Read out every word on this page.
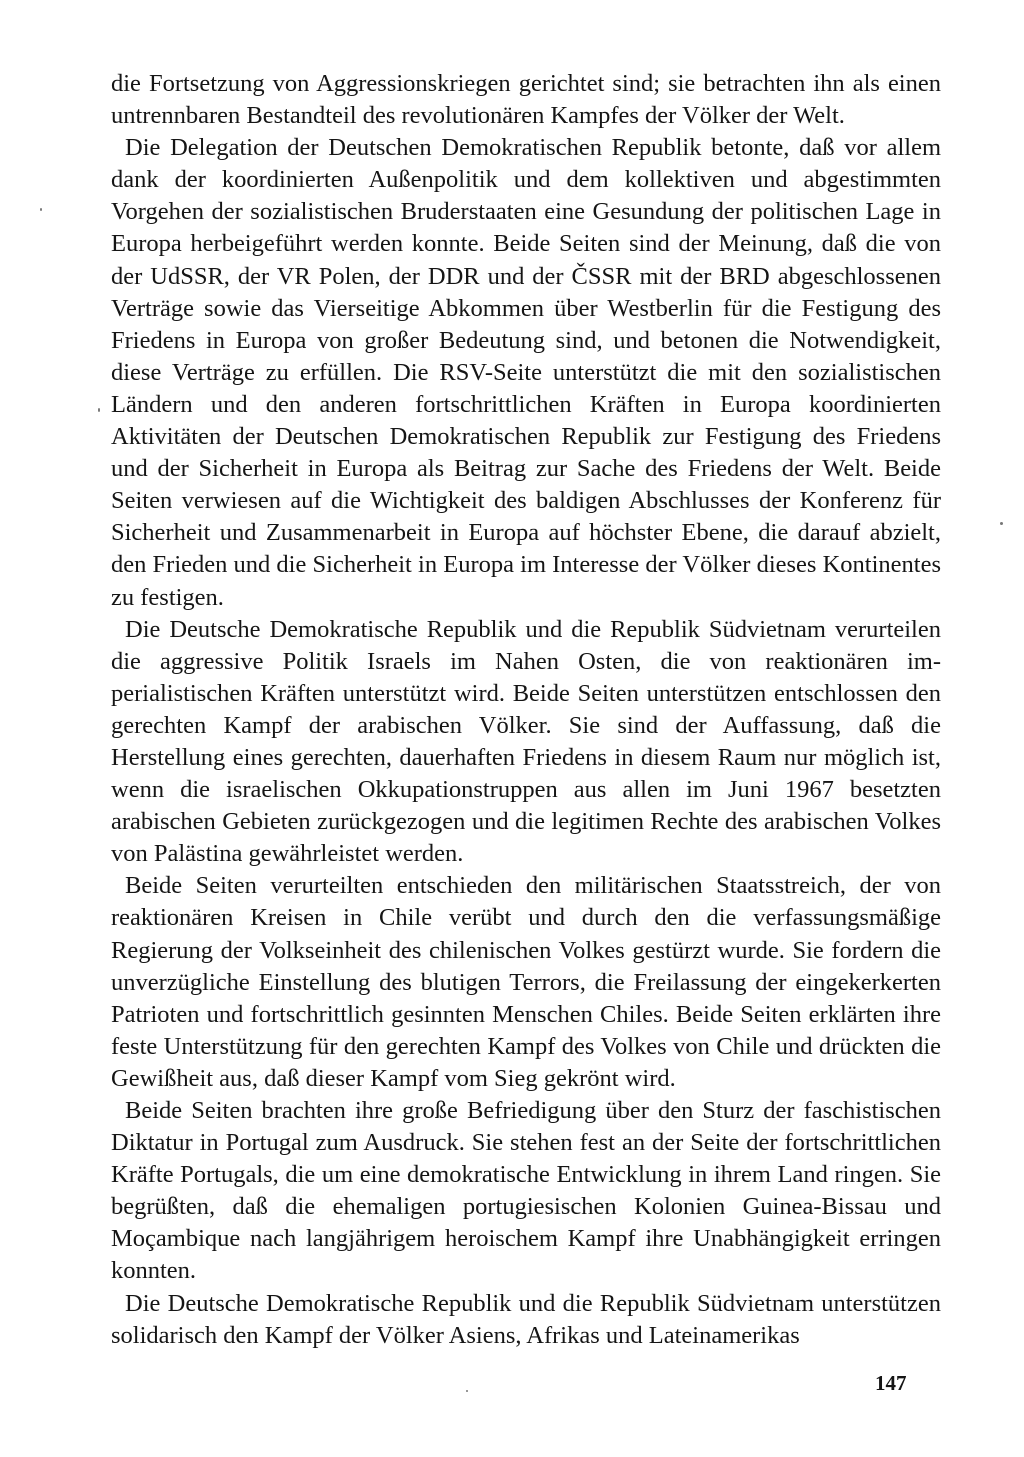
die Fortsetzung von Aggressionskriegen gerichtet sind; sie betrachten ihn als einen untrennbaren Bestandteil des revolutionären Kampfes der Völker der Welt.

Die Delegation der Deutschen Demokratischen Republik betonte, daß vor allem dank der koordinierten Außenpolitik und dem kollektiven und abgestimmten Vorgehen der sozialistischen Bruderstaaten eine Gesundung der politischen Lage in Europa herbeigeführt werden konnte. Beide Seiten sind der Meinung, daß die von der UdSSR, der VR Polen, der DDR und der ČSSR mit der BRD abgeschlossenen Verträge sowie das Vierseitige Abkommen über Westberlin für die Festigung des Friedens in Europa von großer Bedeutung sind, und betonen die Notwendigkeit, diese Verträge zu erfüllen. Die RSV-Seite unterstützt die mit den sozialistischen Ländern und den anderen fortschrittlichen Kräften in Europa koordinierten Aktivitäten der Deutschen Demokratischen Republik zur Festigung des Friedens und der Sicherheit in Europa als Beitrag zur Sache des Friedens der Welt. Beide Seiten verwiesen auf die Wichtigkeit des baldigen Abschlusses der Konferenz für Sicherheit und Zusammenarbeit in Europa auf höchster Ebene, die darauf abzielt, den Frieden und die Sicherheit in Europa im Interesse der Völker dieses Kontinentes zu festigen.

Die Deutsche Demokratische Republik und die Republik Südvietnam verurteilen die aggressive Politik Israels im Nahen Osten, die von reaktionären imperialistischen Kräften unterstützt wird. Beide Seiten unterstützen entschlossen den gerechten Kampf der arabischen Völker. Sie sind der Auffassung, daß die Herstellung eines gerechten, dauerhaften Friedens in diesem Raum nur möglich ist, wenn die israelischen Okkupationstruppen aus allen im Juni 1967 besetzten arabischen Gebieten zurückgezogen und die legitimen Rechte des arabischen Volkes von Palästina gewährleistet werden.

Beide Seiten verurteilten entschieden den militärischen Staatsstreich, der von reaktionären Kreisen in Chile verübt und durch den die verfassungsmäßige Regierung der Volkseinheit des chilenischen Volkes gestürzt wurde. Sie fordern die unverzügliche Einstellung des blutigen Terrors, die Freilassung der eingekerkerten Patrioten und fortschrittlich gesinnten Menschen Chiles. Beide Seiten erklärten ihre feste Unterstützung für den gerechten Kampf des Volkes von Chile und drückten die Gewißheit aus, daß dieser Kampf vom Sieg gekrönt wird.

Beide Seiten brachten ihre große Befriedigung über den Sturz der faschistischen Diktatur in Portugal zum Ausdruck. Sie stehen fest an der Seite der fortschrittlichen Kräfte Portugals, die um eine demokratische Entwicklung in ihrem Land ringen. Sie begrüßten, daß die ehemaligen portugiesischen Kolonien Guinea-Bissau und Moçambique nach langjährigem heroischem Kampf ihre Unabhängigkeit erringen konnten.

Die Deutsche Demokratische Republik und die Republik Südvietnam unterstützen solidarisch den Kampf der Völker Asiens, Afrikas und Lateinamerikas

147
